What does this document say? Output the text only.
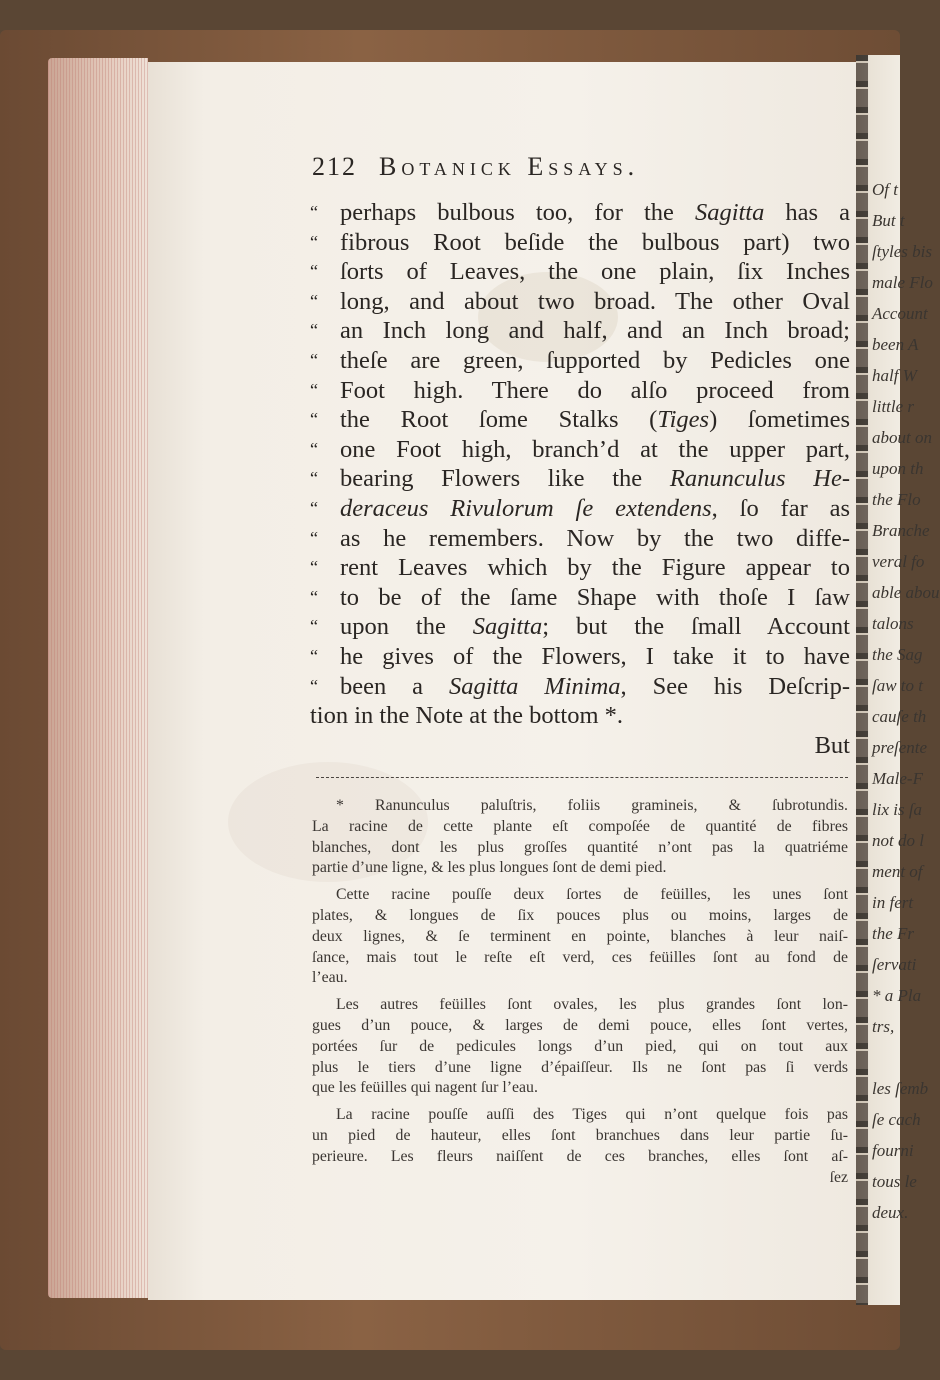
Of t
But t
ſtyles bis
male Flo
Account
been A
half W
little r
about on
upon th
the Flo
Branche
veral fo
able abou
talons
the Sag
ſaw to t
cauſe th
preſente
Male-F
lix is ſa
not do l
ment of
in fert
the Fr
ſervati
* a Pla
trs,
les ſemb
ſe cach
fourni
tous le
deux.
212 Botanick Essays.
“ perhaps bulbous too, for the Sagitta has a
“ fibrous Root beſide the bulbous part) two
“ ſorts of Leaves, the one plain, ſix Inches
“ long, and about two broad. The other Oval
“ an Inch long and half, and an Inch broad;
“ theſe are green, ſupported by Pedicles one
“ Foot high. There do alſo proceed from
“ the Root ſome Stalks (Tiges) ſometimes
“ one Foot high, branch’d at the upper part,
“ bearing Flowers like the Ranunculus He-
“ deraceus Rivulorum ſe extendens, ſo far as
“ as he remembers. Now by the two diffe-
“ rent Leaves which by the Figure appear to
“ to be of the ſame Shape with thoſe I ſaw
“ upon the Sagitta; but the ſmall Account
“ he gives of the Flowers, I take it to have
“ been a Sagitta Minima, See his Deſcrip-
tion in the Note at the bottom *.
But
* Ranunculus paluſtris, foliis gramineis, & ſubrotundis.
La racine de cette plante eſt compoſée de quantité de fibres
blanches, dont les plus groſſes quantité n’ont pas la quatriéme
partie d’une ligne, & les plus longues ſont de demi pied.
Cette racine pouſſe deux ſortes de feüilles, les unes ſont
plates, & longues de ſix pouces plus ou moins, larges de
deux lignes, & ſe terminent en pointe, blanches à leur naiſ-
ſance, mais tout le reſte eſt verd, ces feüilles ſont au fond de
l’eau.
Les autres feüilles ſont ovales, les plus grandes ſont lon-
gues d’un pouce, & larges de demi pouce, elles ſont vertes,
portées ſur de pedicules longs d’un pied, qui on tout aux
plus le tiers d’une ligne d’épaiſſeur. Ils ne ſont pas ſi verds
que les feüilles qui nagent ſur l’eau.
La racine pouſſe auſſi des Tiges qui n’ont quelque fois pas
un pied de hauteur, elles ſont branchues dans leur partie ſu-
perieure. Les fleurs naiſſent de ces branches, elles ſont aſ-
ſez
